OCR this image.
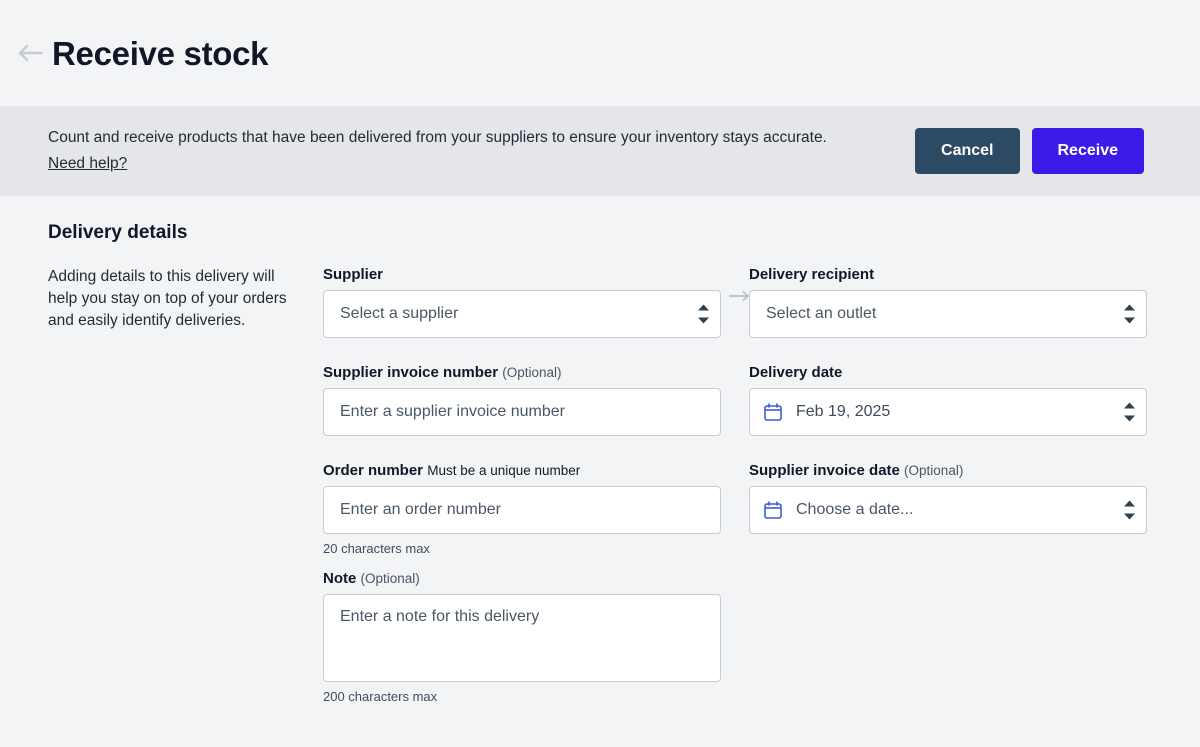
Receive stock
Count and receive products that have been delivered from your suppliers to ensure your inventory stays accurate.
Need help?
Cancel	Receive
Delivery details
Adding details to this delivery will help you stay on top of your orders and easily identify deliveries.
Supplier
Select a supplier
Supplier invoice number (Optional)
Enter a supplier invoice number
Order number Must be a unique number
Enter an order number
20 characters max
Note (Optional)
Enter a note for this delivery
200 characters max
Delivery recipient
Select an outlet
Delivery date
Feb 19, 2025
Supplier invoice date (Optional)
Choose a date...
